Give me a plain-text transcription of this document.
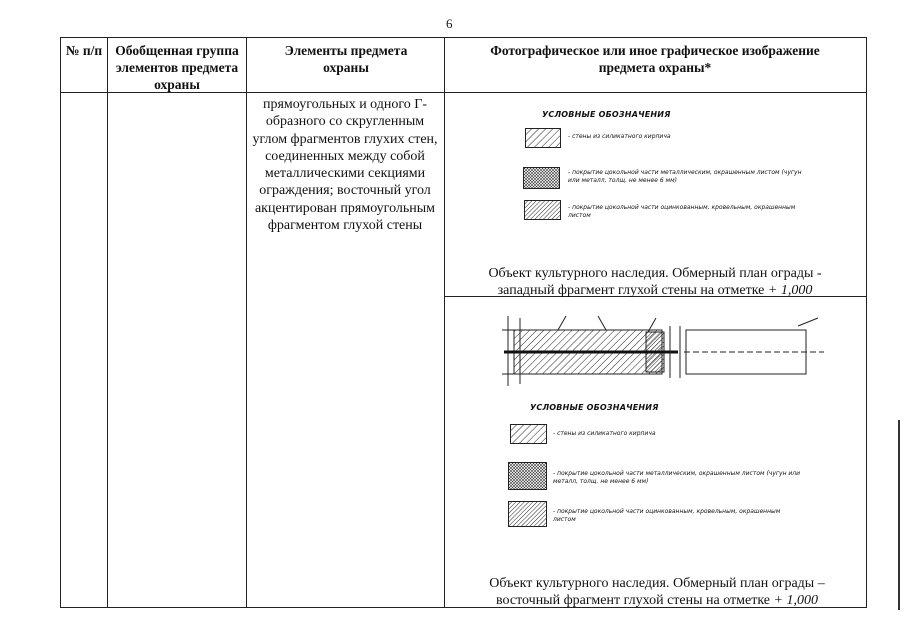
6
№ п/п Обобщенная группа элементов предмета охраны
Элементы предмета охраны
Фотографическое или иное графическое изображение предмета охраны*
прямоугольных и одного Г-образного со скругленным углом фрагментов глухих стен, соединенных между собой металлическими секциями ограждения; восточный угол акцентирован прямоугольным фрагментом глухой стены
УСЛОВНЫЕ ОБОЗНАЧЕНИЯ
- стены из силикатного кирпича
- покрытие цокольной части металлическим, окрашенным листом (чугун или металл, толщ. не менее 6 мм)
- покрытие цокольной части оцинкованным, кровельным, окрашенным листом
Объект культурного наследия. Обмерный план ограды - западный фрагмент глухой стены на отметке + 1,000
УСЛОВНЫЕ ОБОЗНАЧЕНИЯ
- стены из силикатного кирпича
- покрытие цокольной части металлическим, окрашенным листом (чугун или металл, толщ. не менее 6 мм)
- покрытие цокольной части оцинкованным, кровельным, окрашенным листом
Объект культурного наследия. Обмерный план ограды – восточный фрагмент глухой стены на отметке + 1,000
